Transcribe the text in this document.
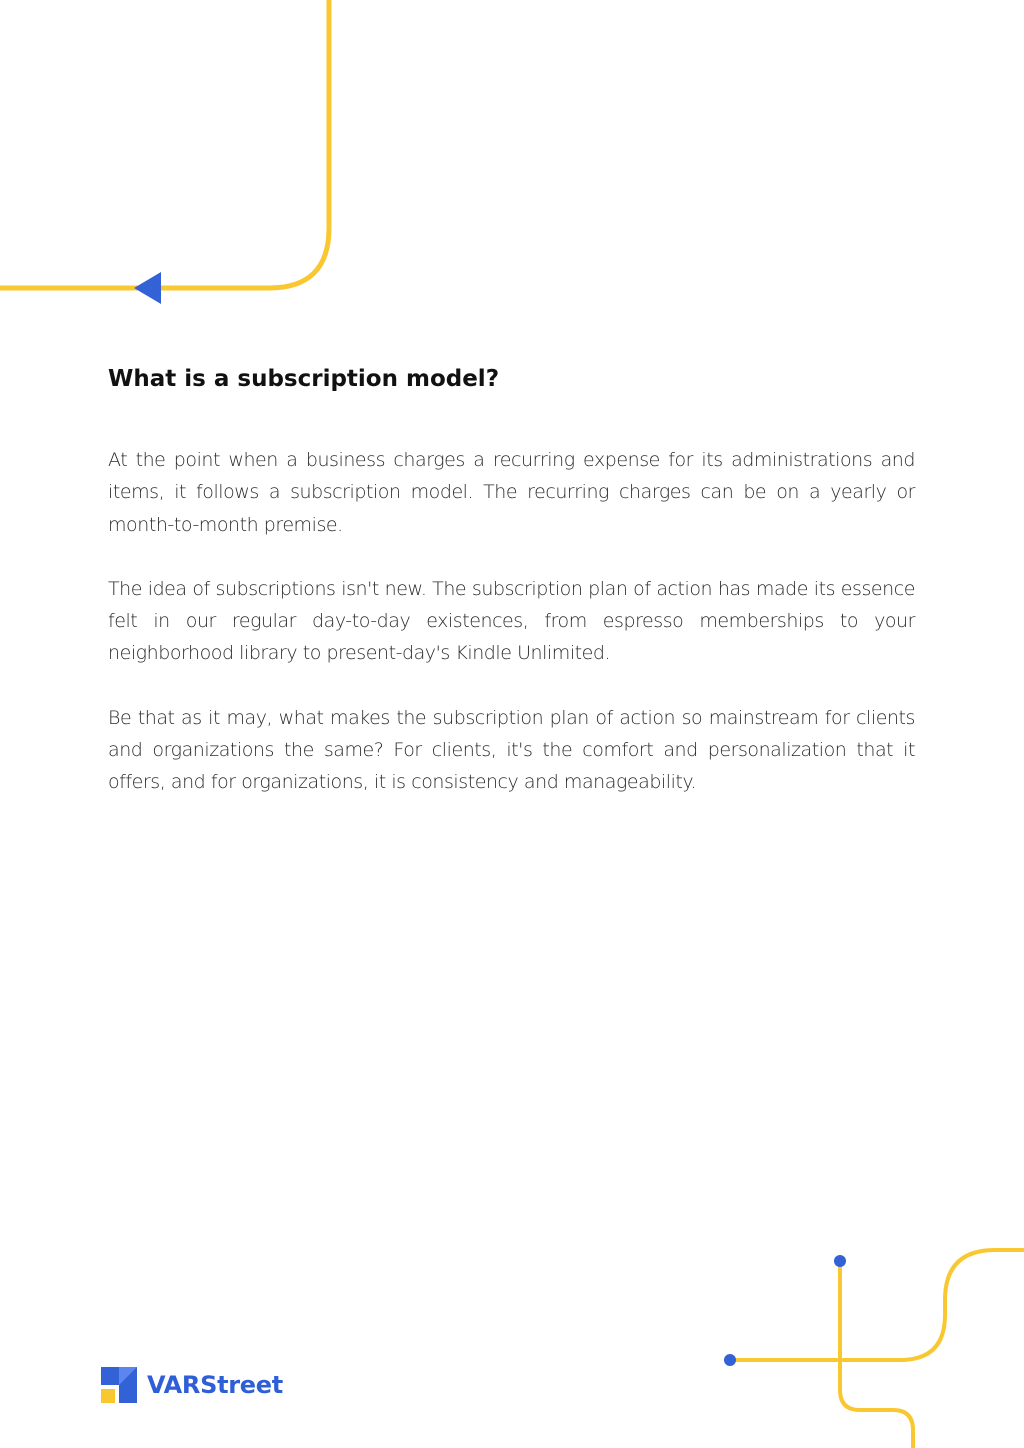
What is a subscription model?

At the point when a business charges a recurring expense for its administrations and items, it follows a subscription model. The recurring charges can be on a yearly or month-to-month premise.

The idea of subscriptions isn't new. The subscription plan of action has made its essence felt in our regular day-to-day existences, from espresso memberships to your neighborhood library to present-day's Kindle Unlimited.

Be that as it may, what makes the subscription plan of action so mainstream for clients and organizations the same? For clients, it's the comfort and personalization that it offers, and for organizations, it is consistency and manageability.

VARStreet
